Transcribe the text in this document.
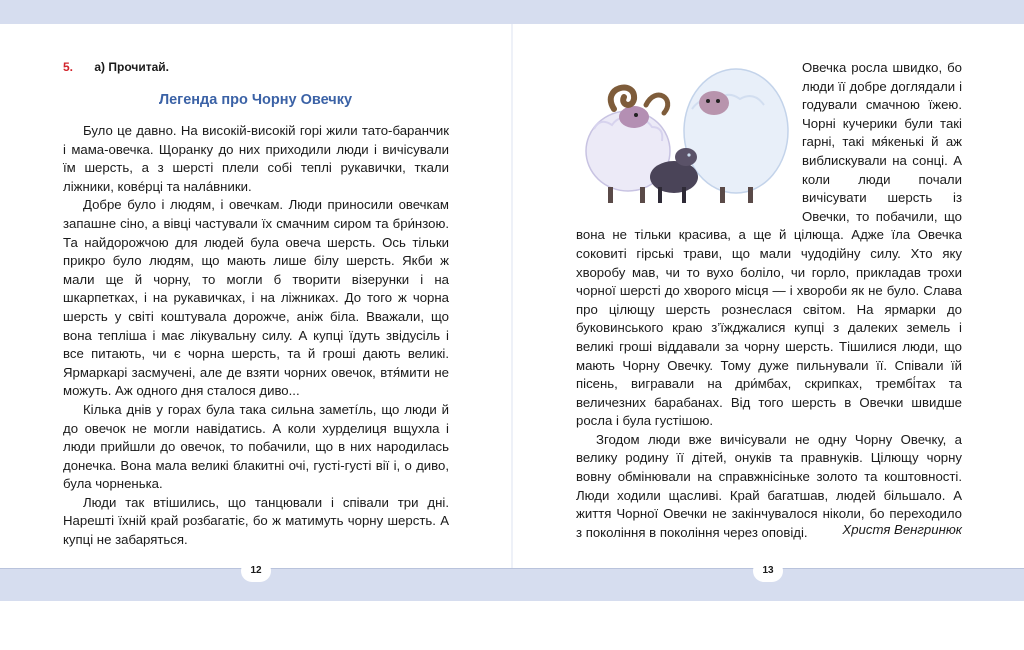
5. а) Прочитай.
Легенда про Чорну Овечку

Було це давно. На високій-високій горі жили тато-баранчик і мама-овечка. Щоранку до них приходили люди і вичісували їм шерсть, а з шерсті плели собі теплі рукавички, ткали ліжники, ковéрці та налáвники.

Добре було і людям, і овечкам. Люди приносили овечкам запашне сіно, а вівці частували їх смачним сиром та бри́нзою. Та найдорожчою для людей була овеча шерсть. Ось тільки прикро було людям, що мають лише білу шерсть. Якби ж мали ще й чорну, то могли б творити візерунки і на шкарпетках, і на рукавичках, і на ліжниках. До того ж чорна шерсть у світі коштувала дорожче, аніж біла. Вважали, що вона тепліша і має лікувальну силу. А купці їдуть звідусіль і все питають, чи є чорна шерсть, та й гроші дають великі. Ярмаркарі засмучені, але де взяти чорних овечок, втя́мити не можуть. Аж одного дня сталося диво...

Кілька днів у горах була така сильна заметíль, що люди й до овечок не могли навідатись. А коли хурделиця вщухла і люди прийшли до овечок, то побачили, що в них народилась донечка. Вона мала великі блакитні очі, густі-густі вії і, о диво, була чорненька.

Люди так втішились, що танцювали і співали три дні. Нарешті їхній край розбагатіє, бо ж матимуть чорну шерсть. А купці не забаряться.

Овечка росла швидко, бо люди її добре доглядали і годували смачною їжею. Чорні кучерики були такі гарні, такі мя́кенькі й аж виблискували на сонці. А коли люди почали вичісувати шерсть із Овечки, то побачили, що вона не тільки красива, а ще й цілюща. Адже їла Овечка соковиті гірські трави, що мали чудодійну силу. Хто яку хворобу мав, чи то вухо боліло, чи горло, прикладав трохи чорної шерсті до хворого місця — і хвороби як не було. Слава про цілющу шерсть рознеслася світом. На ярмарки до буковинського краю з’їжджалися купці з далеких земель і великі гроші віддавали за чорну шерсть. Тішилися люди, що мають Чорну Овечку. Тому дуже пильнували її. Співали їй пісень, вигравали на дри́мбах, скрипках, трембі́тах та величезних барабанах. Від того шерсть в Овечки швидше росла і була густішою.

Згодом люди вже вичісували не одну Чорну Овечку, а велику родину її дітей, онуків та правнуків. Цілющу чорну вовну обмінювали на справжнісіньке золото та коштовності. Люди ходили щасливі. Край багатшав, людей більшало. А життя Чорної Овечки не закінчувалося ніколи, бо переходило з покоління в покоління через оповіді.	Христя Венгринюк
12	13
